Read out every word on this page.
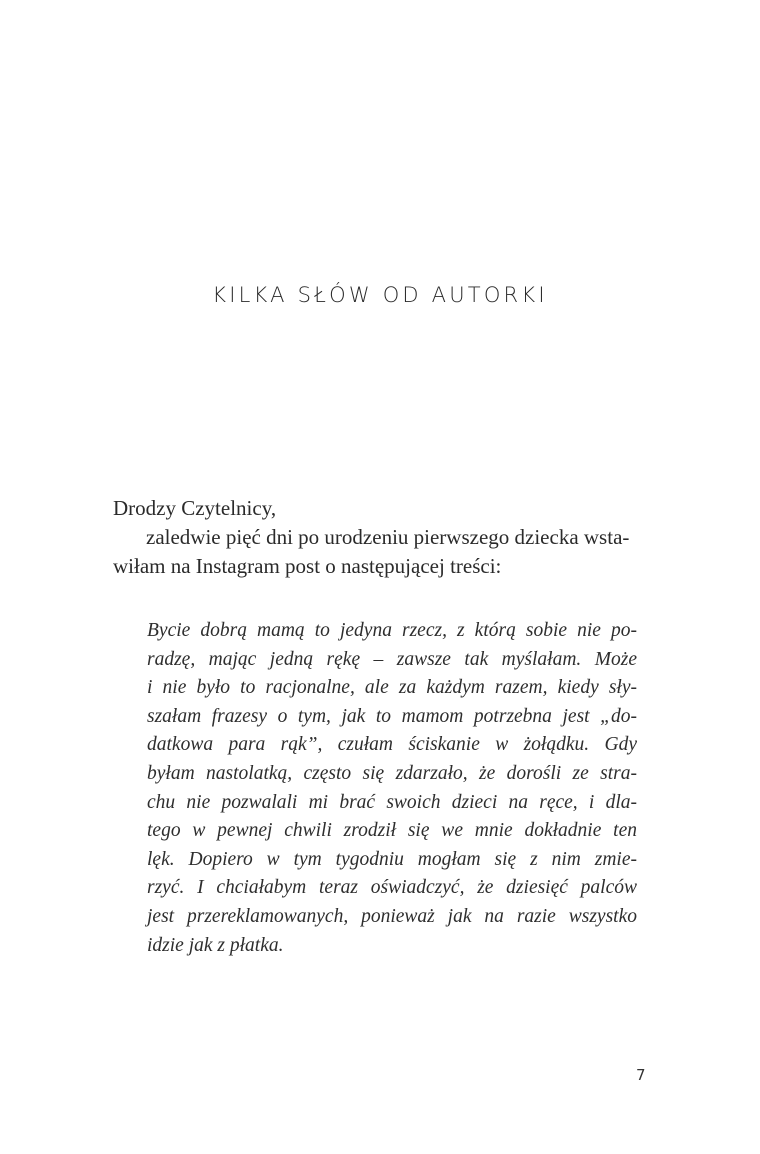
KILKA SŁÓW OD AUTORKI
Drodzy Czytelnicy,
zaledwie pięć dni po urodzeniu pierwszego dziecka wsta-
wiłam na Instagram post o następującej treści:
Bycie dobrą mamą to jedyna rzecz, z którą sobie nie po-
radzę, mając jedną rękę – zawsze tak myślałam. Może
i nie było to racjonalne, ale za każdym razem, kiedy sły-
szałam frazesy o tym, jak to mamom potrzebna jest „do-
datkowa para rąk”, czułam ściskanie w żołądku. Gdy
byłam nastolatką, często się zdarzało, że dorośli ze stra-
chu nie pozwalali mi brać swoich dzieci na ręce, i dla-
tego w pewnej chwili zrodził się we mnie dokładnie ten
lęk. Dopiero w tym tygodniu mogłam się z nim zmie-
rzyć. I chciałabym teraz oświadczyć, że dziesięć palców
jest przereklamowanych, ponieważ jak na razie wszystko
idzie jak z płatka.
7
